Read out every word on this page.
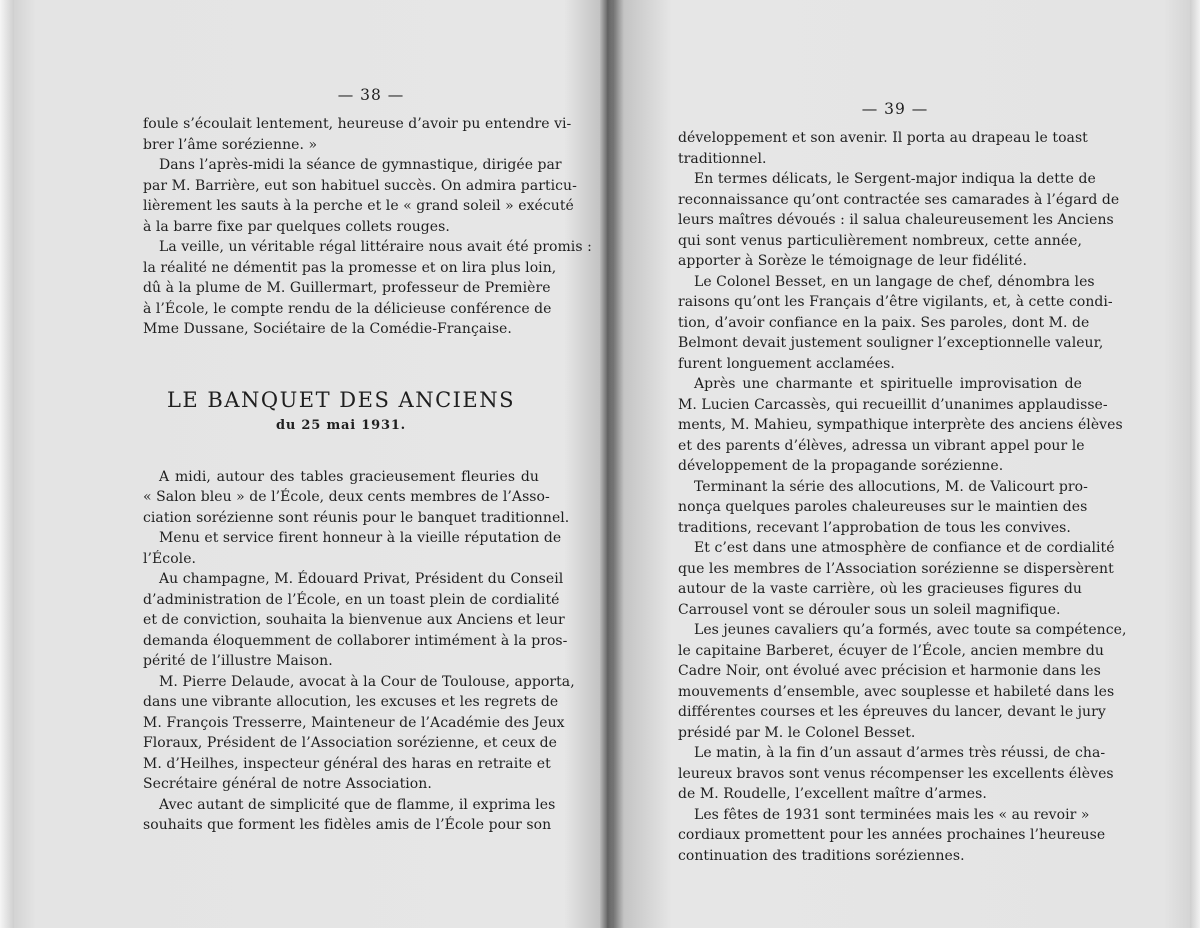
— 38 —

foule s’écoulait lentement, heureuse d’avoir pu entendre vi-

brer l’âme sorézienne. »

Dans l’après-midi la séance de gymnastique, dirigée par

par M. Barrière, eut son habituel succès. On admira particu-

lièrement les sauts à la perche et le « grand soleil » exécuté

à la barre fixe par quelques collets rouges.

La veille, un véritable régal littéraire nous avait été promis :

la réalité ne démentit pas la promesse et on lira plus loin,

dû à la plume de M. Guillermart, professeur de Première

à l’École, le compte rendu de la délicieuse conférence de

Mme Dussane, Sociétaire de la Comédie-Française.

LE BANQUET DES ANCIENS
du 25 mai 1931.

A midi, autour des tables gracieusement fleuries du

« Salon bleu » de l’École, deux cents membres de l’Asso-

ciation sorézienne sont réunis pour le banquet traditionnel.

Menu et service firent honneur à la vieille réputation de

l’École.

Au champagne, M. Édouard Privat, Président du Conseil

d’administration de l’École, en un toast plein de cordialité

et de conviction, souhaita la bienvenue aux Anciens et leur

demanda éloquemment de collaborer intimément à la pros-

périté de l’illustre Maison.

M. Pierre Delaude, avocat à la Cour de Toulouse, apporta,

dans une vibrante allocution, les excuses et les regrets de

M. François Tresserre, Mainteneur de l’Académie des Jeux

Floraux, Président de l’Association sorézienne, et ceux de

M. d’Heilhes, inspecteur général des haras en retraite et

Secrétaire général de notre Association.

Avec autant de simplicité que de flamme, il exprima les

souhaits que forment les fidèles amis de l’École pour son

— 39 —

développement et son avenir. Il porta au drapeau le toast

traditionnel.

En termes délicats, le Sergent-major indiqua la dette de

reconnaissance qu’ont contractée ses camarades à l’égard de

leurs maîtres dévoués : il salua chaleureusement les Anciens

qui sont venus particulièrement nombreux, cette année,

apporter à Sorèze le témoignage de leur fidélité.

Le Colonel Besset, en un langage de chef, dénombra les

raisons qu’ont les Français d’être vigilants, et, à cette condi-

tion, d’avoir confiance en la paix. Ses paroles, dont M. de

Belmont devait justement souligner l’exceptionnelle valeur,

furent longuement acclamées.

Après une charmante et spirituelle improvisation de

M. Lucien Carcassès, qui recueillit d’unanimes applaudisse-

ments, M. Mahieu, sympathique interprète des anciens élèves

et des parents d’élèves, adressa un vibrant appel pour le

développement de la propagande sorézienne.

Terminant la série des allocutions, M. de Valicourt pro-

nonça quelques paroles chaleureuses sur le maintien des

traditions, recevant l’approbation de tous les convives.

Et c’est dans une atmosphère de confiance et de cordialité

que les membres de l’Association sorézienne se dispersèrent

autour de la vaste carrière, où les gracieuses figures du

Carrousel vont se dérouler sous un soleil magnifique.

Les jeunes cavaliers qu’a formés, avec toute sa compétence,

le capitaine Barberet, écuyer de l’École, ancien membre du

Cadre Noir, ont évolué avec précision et harmonie dans les

mouvements d’ensemble, avec souplesse et habileté dans les

différentes courses et les épreuves du lancer, devant le jury

présidé par M. le Colonel Besset.

Le matin, à la fin d’un assaut d’armes très réussi, de cha-

leureux bravos sont venus récompenser les excellents élèves

de M. Roudelle, l’excellent maître d’armes.

Les fêtes de 1931 sont terminées mais les « au revoir »

cordiaux promettent pour les années prochaines l’heureuse

continuation des traditions soréziennes.
